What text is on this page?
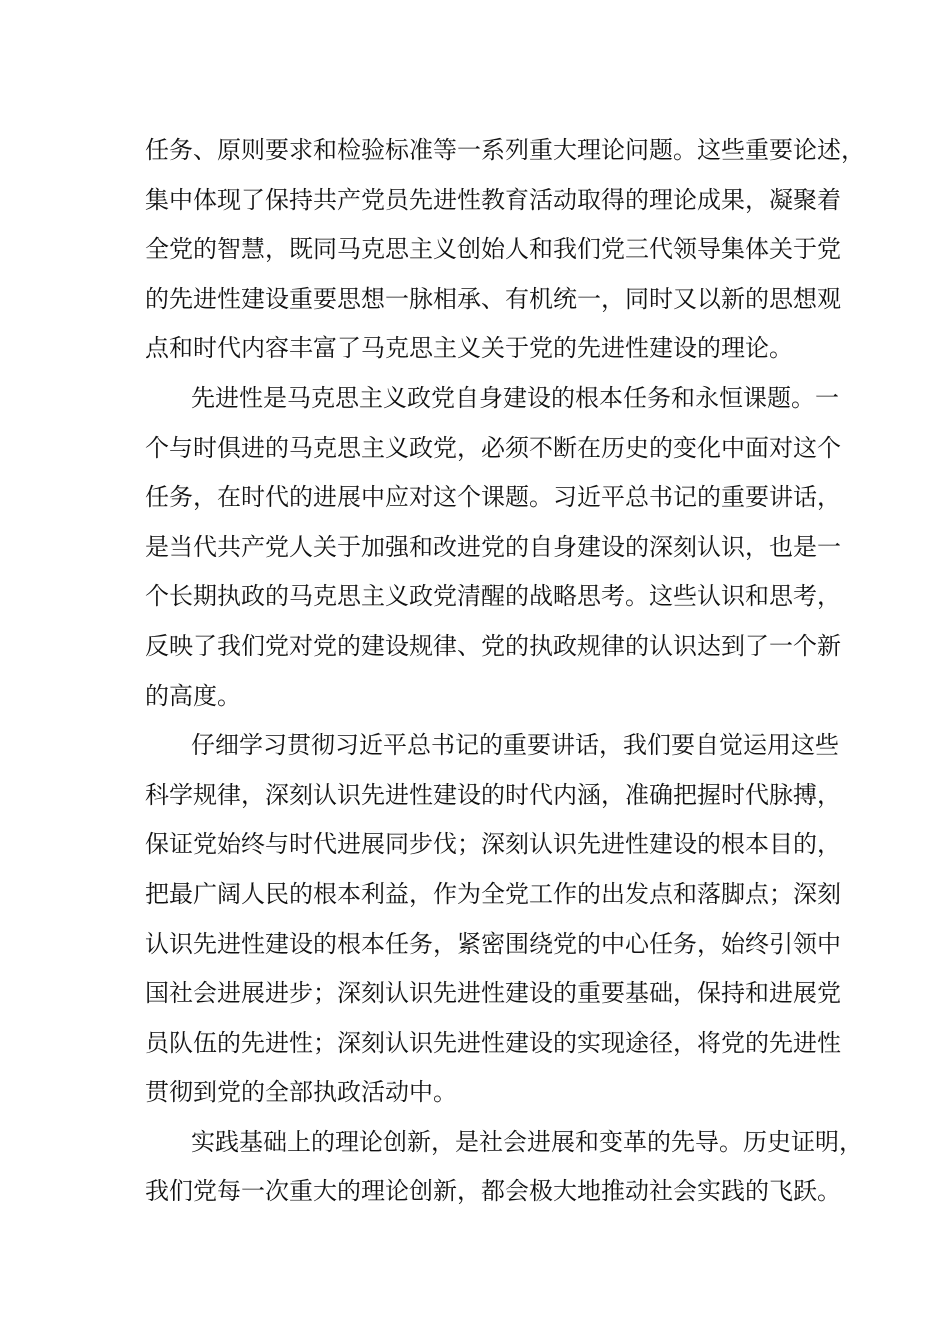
任务、原则要求和检验标准等一系列重大理论问题。这些重要论述，
集中体现了保持共产党员先进性教育活动取得的理论成果，凝聚着
全党的智慧，既同马克思主义创始人和我们党三代领导集体关于党
的先进性建设重要思想一脉相承、有机统一，同时又以新的思想观
点和时代内容丰富了马克思主义关于党的先进性建设的理论。
先进性是马克思主义政党自身建设的根本任务和永恒课题。一
个与时俱进的马克思主义政党，必须不断在历史的变化中面对这个
任务，在时代的进展中应对这个课题。习近平总书记的重要讲话，
是当代共产党人关于加强和改进党的自身建设的深刻认识，也是一
个长期执政的马克思主义政党清醒的战略思考。这些认识和思考，
反映了我们党对党的建设规律、党的执政规律的认识达到了一个新
的高度。
仔细学习贯彻习近平总书记的重要讲话，我们要自觉运用这些
科学规律，深刻认识先进性建设的时代内涵，准确把握时代脉搏，
保证党始终与时代进展同步伐；深刻认识先进性建设的根本目的，
把最广阔人民的根本利益，作为全党工作的出发点和落脚点；深刻
认识先进性建设的根本任务，紧密围绕党的中心任务，始终引领中
国社会进展进步；深刻认识先进性建设的重要基础，保持和进展党
员队伍的先进性；深刻认识先进性建设的实现途径，将党的先进性
贯彻到党的全部执政活动中。
实践基础上的理论创新，是社会进展和变革的先导。历史证明，
我们党每一次重大的理论创新，都会极大地推动社会实践的飞跃。
